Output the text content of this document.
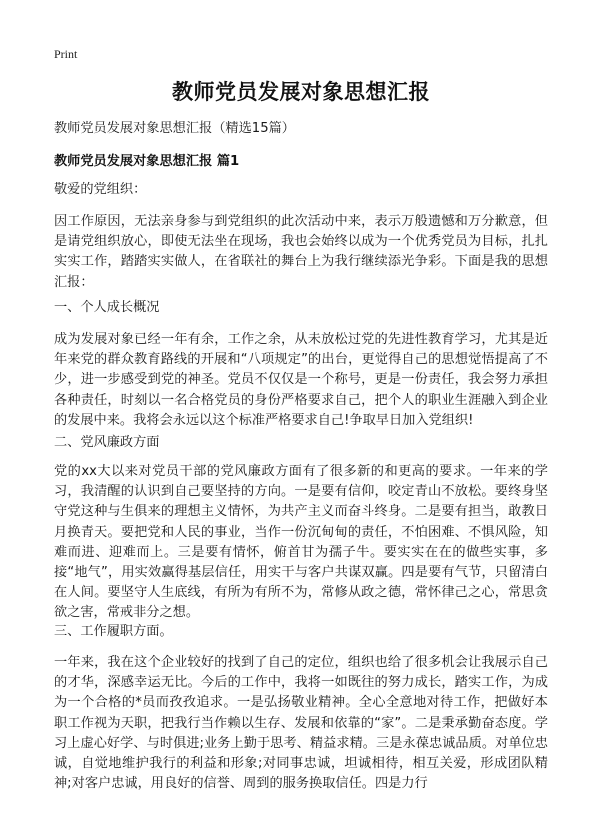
Print
教师党员发展对象思想汇报
教师党员发展对象思想汇报（精选15篇）
教师党员发展对象思想汇报 篇1
敬爱的党组织：

因工作原因，无法亲身参与到党组织的此次活动中来，表示万般遗憾和万分歉意，但是请党组织放心，即使无法坐在现场，我也会始终以成为一个优秀党员为目标，扎扎实实工作，踏踏实实做人，在省联社的舞台上为我行继续添光争彩。下面是我的思想汇报：

一、个人成长概况

成为发展对象已经一年有余，工作之余，从未放松过党的先进性教育学习，尤其是近年来党的群众教育路线的开展和“八项规定”的出台，更觉得自己的思想觉悟提高了不少，进一步感受到党的神圣。党员不仅仅是一个称号，更是一份责任，我会努力承担各种责任，时刻以一名合格党员的身份严格要求自己，把个人的职业生涯融入到企业的发展中来。我将会永远以这个标准严格要求自己!争取早日加入党组织!

二、党风廉政方面

党的xx大以来对党员干部的党风廉政方面有了很多新的和更高的要求。一年来的学习，我清醒的认识到自己要坚持的方向。一是要有信仰，咬定青山不放松。要终身坚守党这种与生俱来的理想主义情怀，为共产主义而奋斗终身。二是要有担当，敢教日月换青天。要把党和人民的事业，当作一份沉甸甸的责任，不怕困难、不惧风险，知难而进、迎难而上。三是要有情怀，俯首甘为孺子牛。要实实在在的做些实事，多接“地气”，用实效赢得基层信任，用实干与客户共谋双赢。四是要有气节，只留清白在人间。要坚守人生底线，有所为有所不为，常修从政之德，常怀律己之心，常思贪欲之害，常戒非分之想。

三、工作履职方面。

一年来，我在这个企业较好的找到了自己的定位，组织也给了很多机会让我展示自己的才华，深感幸运无比。今后的工作中，我将一如既往的努力成长，踏实工作，为成为一个合格的*员而孜孜追求。一是弘扬敬业精神。全心全意地对待工作，把做好本职工作视为天职，把我行当作赖以生存、发展和依靠的“家”。二是秉承勤奋态度。学习上虚心好学、与时俱进;业务上勤于思考、精益求精。三是永葆忠诚品质。对单位忠诚，自觉地维护我行的利益和形象;对同事忠诚，坦诚相待，相互关爱，形成团队精神;对客户忠诚，用良好的信誉、周到的服务换取信任。四是力行
